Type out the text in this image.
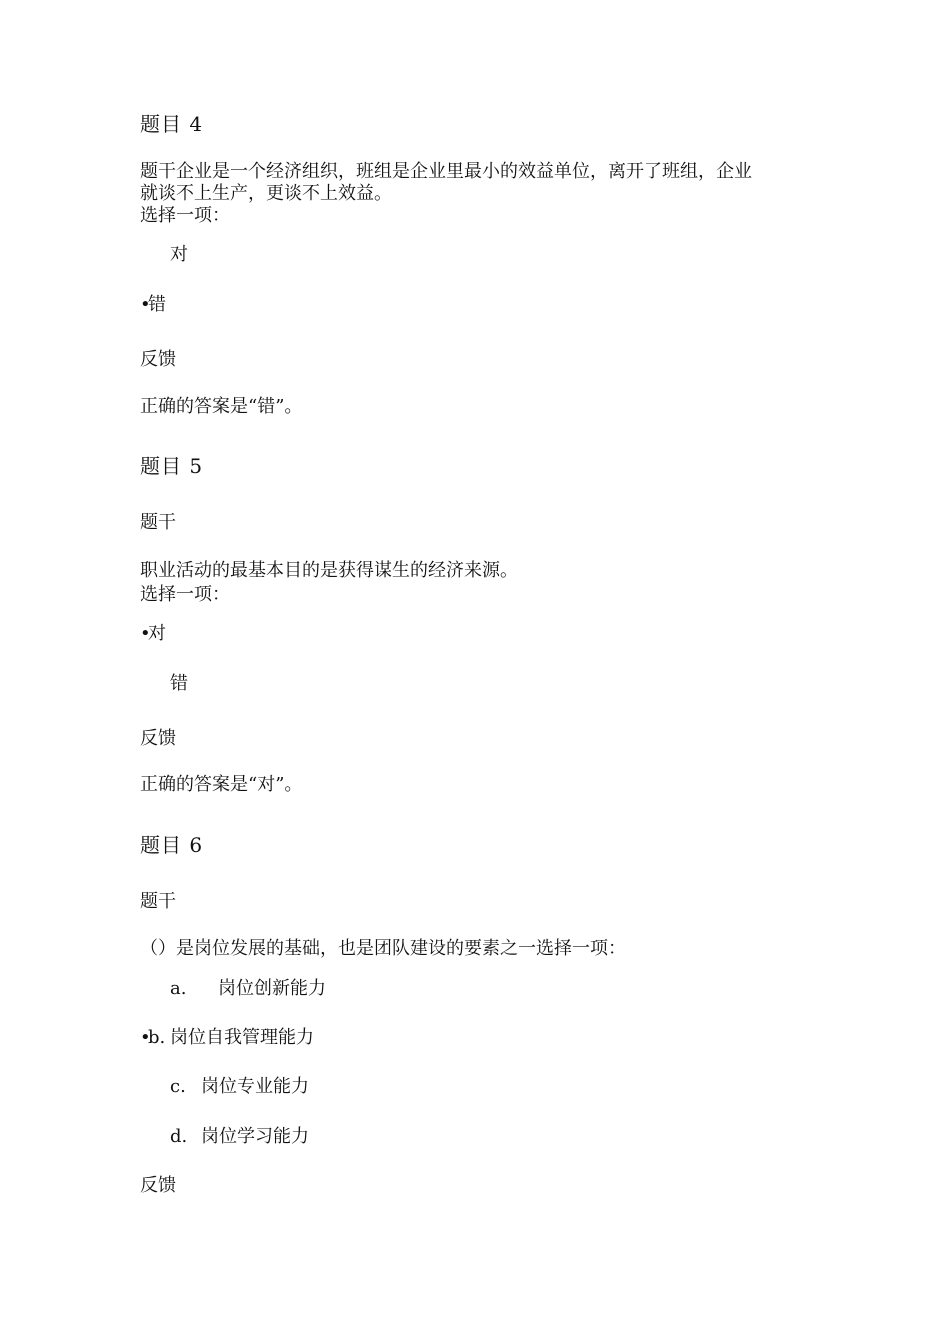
题目 4
题干企业是一个经济组织，班组是企业里最小的效益单位，离开了班组，企业
就谈不上生产，更谈不上效益。
选择一项：
对
•错
反馈
正确的答案是“错”。
题目 5
题干
职业活动的最基本目的是获得谋生的经济来源。
选择一项：
•对
错
反馈
正确的答案是“对”。
题目 6
题干
（）是岗位发展的基础，也是团队建设的要素之一选择一项：
a. 岗位创新能力
•b. 岗位自我管理能力
c. 岗位专业能力
d. 岗位学习能力
反馈
